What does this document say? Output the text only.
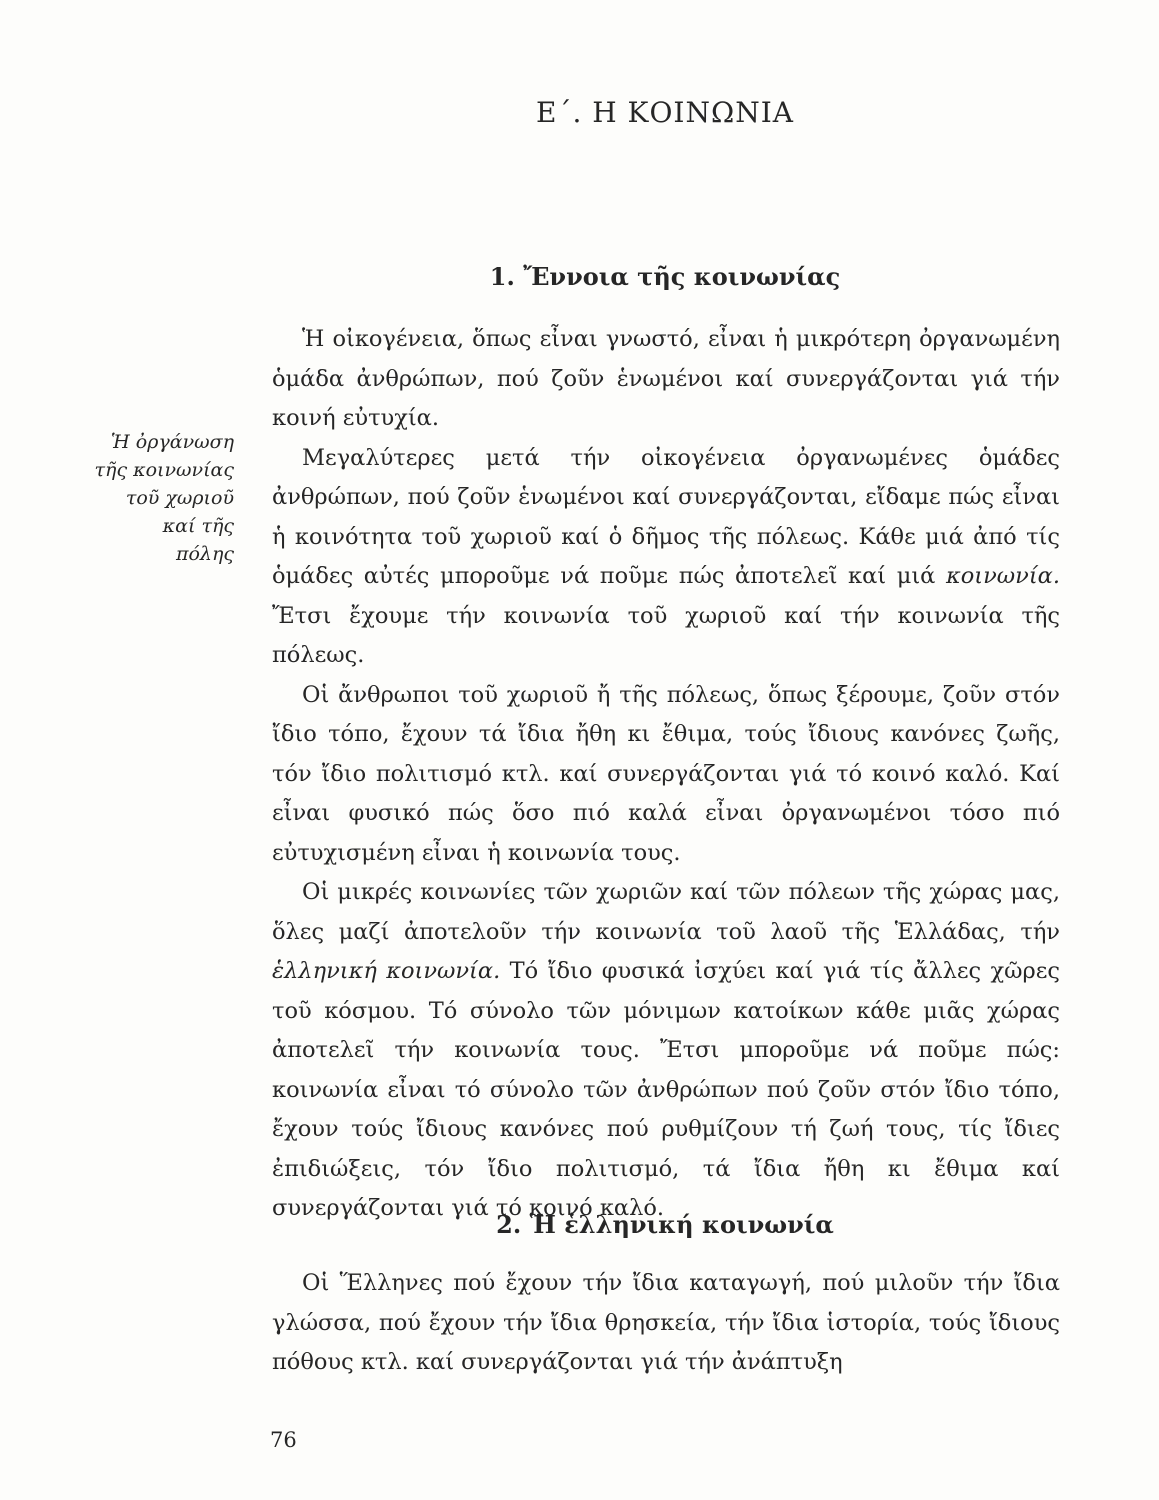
Ε΄. Η ΚΟΙΝΩΝΙΑ
1. Ἔννοια τῆς κοινωνίας
Ἡ ὀργάνωση
τῆς κοινωνίας
τοῦ χωριοῦ
καί τῆς
πόλης

Ἡ οἰκογένεια, ὅπως εἶναι γνωστό, εἶναι ἡ μικρότερη ὀργανωμένη ὁμάδα ἀνθρώπων, πού ζοῦν ἑνωμένοι καί συνεργάζονται γιά τήν κοινή εὐτυχία.

Μεγαλύτερες μετά τήν οἰκογένεια ὀργανωμένες ὁμάδες ἀνθρώπων, πού ζοῦν ἑνωμένοι καί συνεργάζονται, εἴδαμε πώς εἶναι ἡ κοινότητα τοῦ χωριοῦ καί ὁ δῆμος τῆς πόλεως. Κάθε μιά ἀπό τίς ὁμάδες αὐτές μποροῦμε νά ποῦμε πώς ἀποτελεῖ καί μιά κοινωνία. Ἔτσι ἔχουμε τήν κοινωνία τοῦ χωριοῦ καί τήν κοινωνία τῆς πόλεως.

Οἱ ἄνθρωποι τοῦ χωριοῦ ἤ τῆς πόλεως, ὅπως ξέρουμε, ζοῦν στόν ἴδιο τόπο, ἔχουν τά ἴδια ἤθη κι ἔθιμα, τούς ἴδιους κανόνες ζωῆς, τόν ἴδιο πολιτισμό κτλ. καί συνεργάζονται γιά τό κοινό καλό. Καί εἶναι φυσικό πώς ὅσο πιό καλά εἶναι ὀργανωμένοι τόσο πιό εὐτυχισμένη εἶναι ἡ κοινωνία τους.

Οἱ μικρές κοινωνίες τῶν χωριῶν καί τῶν πόλεων τῆς χώρας μας, ὅλες μαζί ἀποτελοῦν τήν κοινωνία τοῦ λαοῦ τῆς Ἑλλάδας, τήν ἑλληνική κοινωνία. Τό ἴδιο φυσικά ἰσχύει καί γιά τίς ἄλλες χῶρες τοῦ κόσμου. Τό σύνολο τῶν μόνιμων κατοίκων κάθε μιᾶς χώρας ἀποτελεῖ τήν κοινωνία τους. Ἔτσι μποροῦμε νά ποῦμε πώς: κοινωνία εἶναι τό σύνολο τῶν ἀνθρώπων πού ζοῦν στόν ἴδιο τόπο, ἔχουν τούς ἴδιους κανόνες πού ρυθμίζουν τή ζωή τους, τίς ἴδιες ἐπιδιώξεις, τόν ἴδιο πολιτισμό, τά ἴδια ἤθη κι ἔθιμα καί συνεργάζονται γιά τό κοινό καλό.

2. Ἡ ἑλληνική κοινωνία

Οἱ Ἕλληνες πού ἔχουν τήν ἴδια καταγωγή, πού μιλοῦν τήν ἴδια γλώσσα, πού ἔχουν τήν ἴδια θρησκεία, τήν ἴδια ἱστορία, τούς ἴδιους πόθους κτλ. καί συνεργάζονται γιά τήν ἀνάπτυξη

76
